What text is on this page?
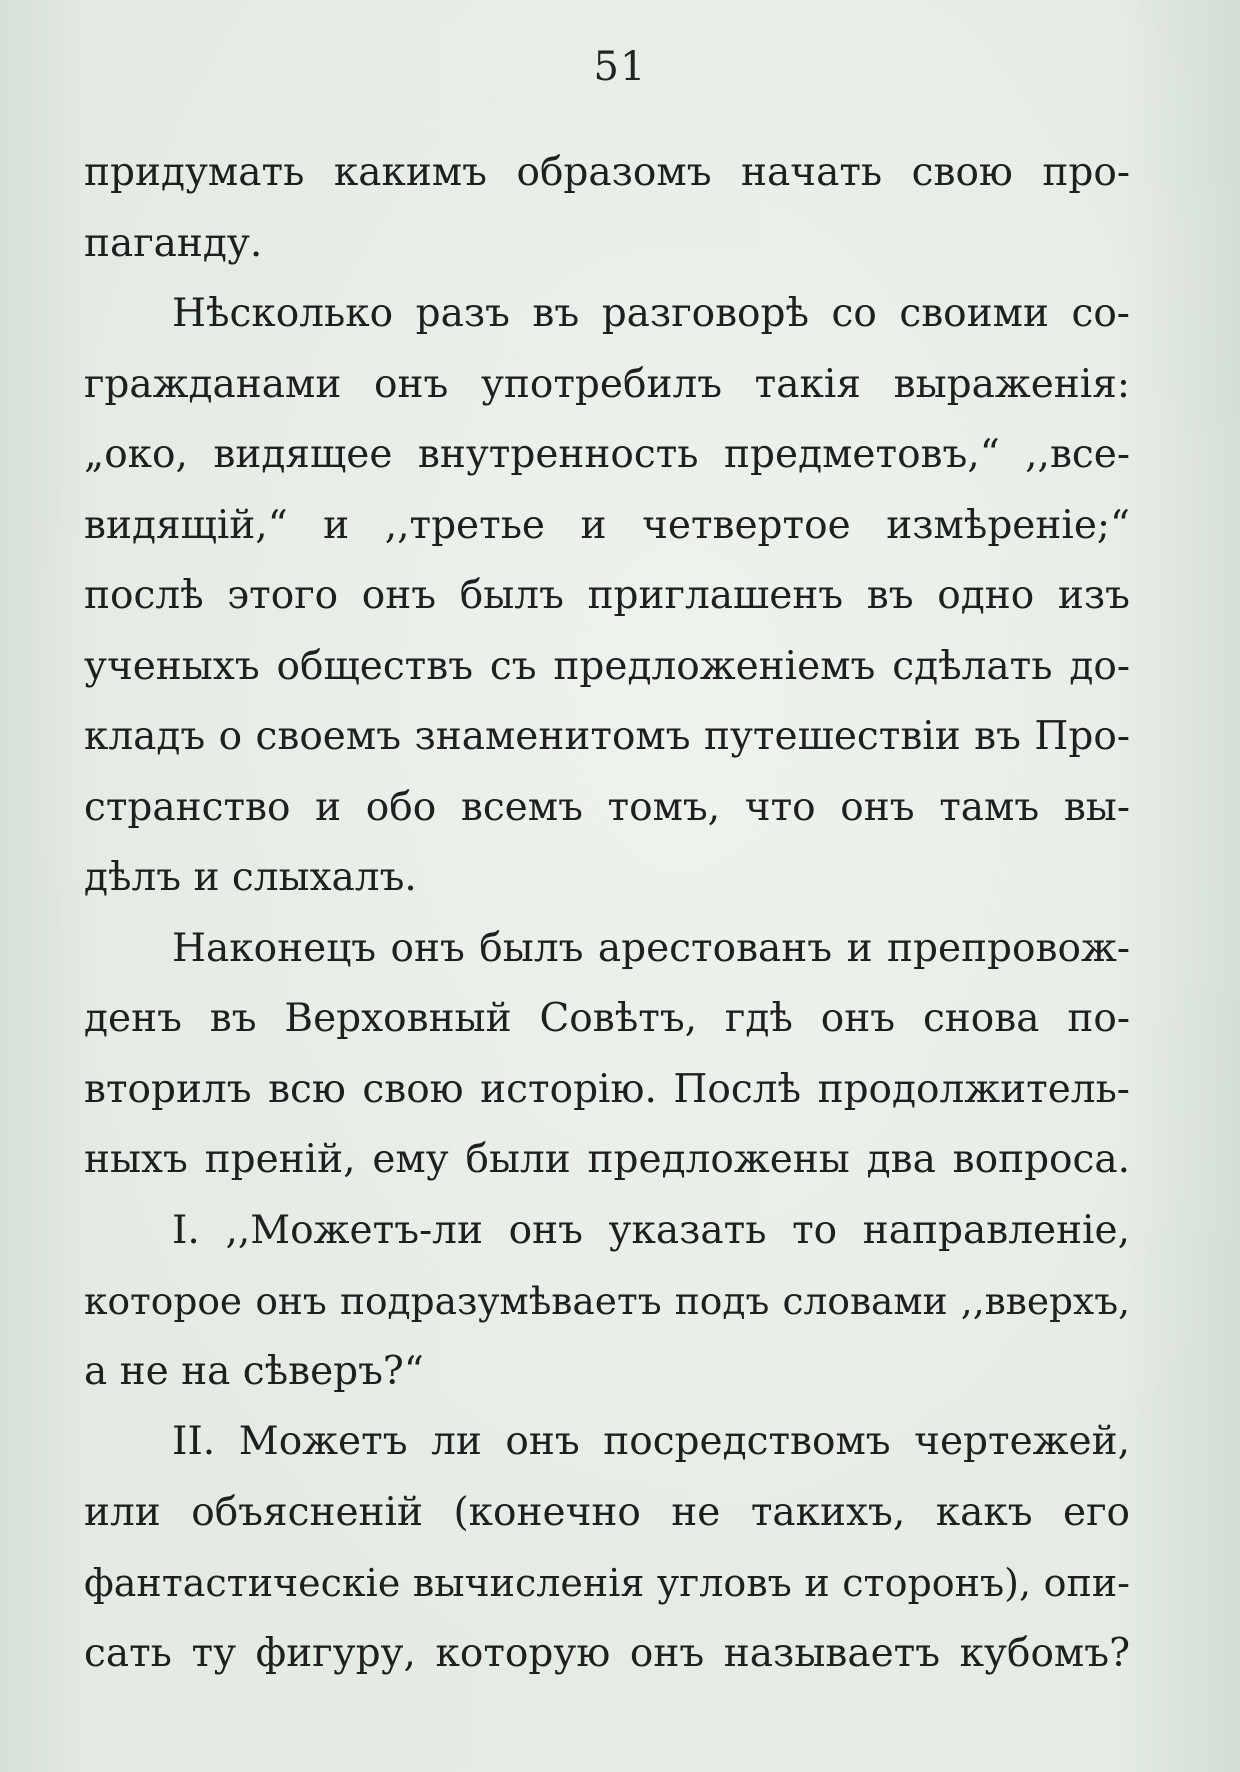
51
придумать какимъ образомъ начать свою про-
паганду.
Нѣсколько разъ въ разговорѣ со своими со-
гражданами онъ употребилъ такія выраженія:
„око, видящее внутренность предметовъ,“ ,,все-
видящій,“ и ,,третье и четвертое измѣреніе;“
послѣ этого онъ былъ приглашенъ въ одно изъ
ученыхъ обществъ съ предложеніемъ сдѣлать до-
кладъ о своемъ знаменитомъ путешествіи въ Про-
странство и обо всемъ томъ, что онъ тамъ вы-
дѣлъ и слыхалъ.
Наконецъ онъ былъ арестованъ и препровож-
денъ въ Верховный Совѣтъ, гдѣ онъ снова по-
вторилъ всю свою исторію. Послѣ продолжитель-
ныхъ преній, ему были предложены два вопроса.
I. ,,Можетъ-ли онъ указать то направленіе,
которое онъ подразумѣваетъ подъ словами ,,вверхъ,
а не на сѣверъ?“
II. Можетъ ли онъ посредствомъ чертежей,
или объясненій (конечно не такихъ, какъ его
фантастическіе вычисленія угловъ и сторонъ), опи-
сать ту фигуру, которую онъ называетъ кубомъ?
